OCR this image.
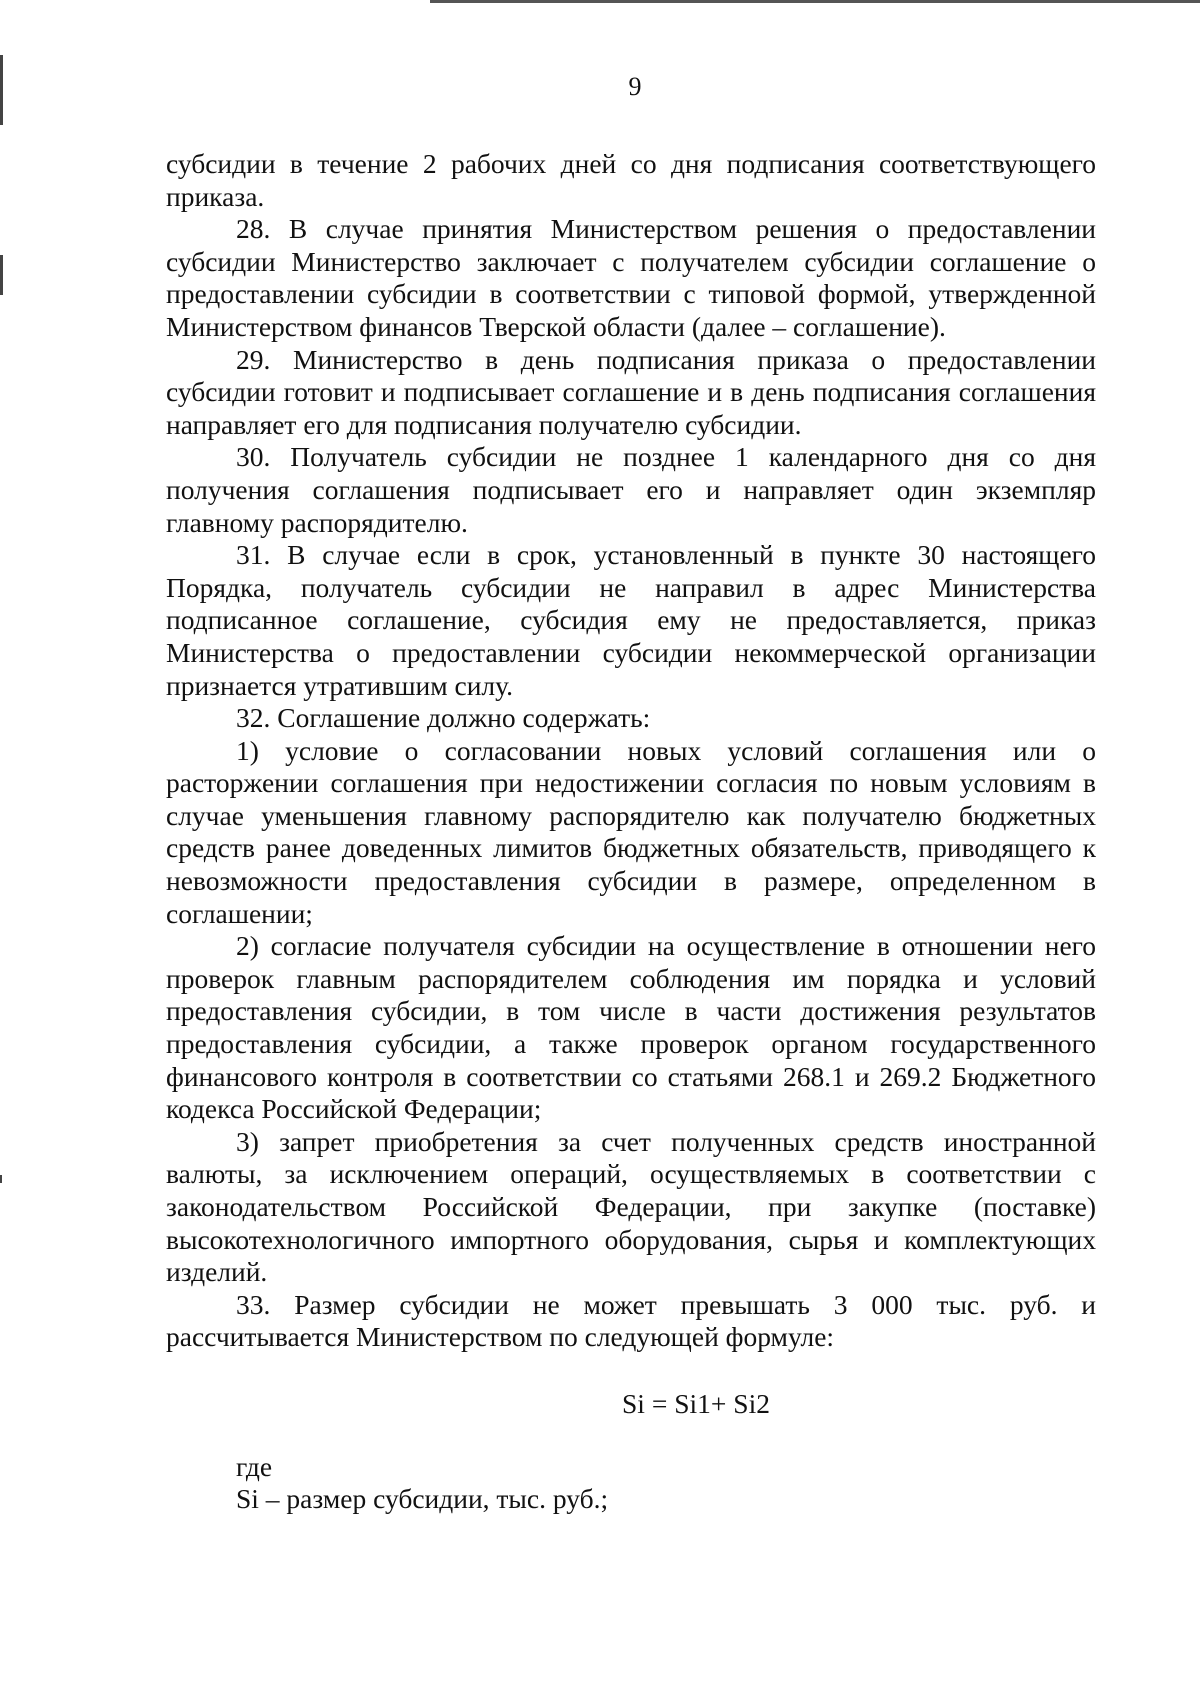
9

субсидии в течение 2 рабочих дней со дня подписания соответствующего приказа.

28. В случае принятия Министерством решения о предоставлении субсидии Министерство заключает с получателем субсидии соглашение о предоставлении субсидии в соответствии с типовой формой, утвержденной Министерством финансов Тверской области (далее – соглашение).

29. Министерство в день подписания приказа о предоставлении субсидии готовит и подписывает соглашение и в день подписания соглашения направляет его для подписания получателю субсидии.

30. Получатель субсидии не позднее 1 календарного дня со дня получения соглашения подписывает его и направляет один экземпляр главному распорядителю.

31. В случае если в срок, установленный в пункте 30 настоящего Порядка, получатель субсидии не направил в адрес Министерства подписанное соглашение, субсидия ему не предоставляется, приказ Министерства о предоставлении субсидии некоммерческой организации признается утратившим силу.

32. Соглашение должно содержать:

1) условие о согласовании новых условий соглашения или о расторжении соглашения при недостижении согласия по новым условиям в случае уменьшения главному распорядителю как получателю бюджетных средств ранее доведенных лимитов бюджетных обязательств, приводящего к невозможности предоставления субсидии в размере, определенном в соглашении;

2) согласие получателя субсидии на осуществление в отношении него проверок главным распорядителем соблюдения им порядка и условий предоставления субсидии, в том числе в части достижения результатов предоставления субсидии, а также проверок органом государственного финансового контроля в соответствии со статьями 268.1 и 269.2 Бюджетного кодекса Российской Федерации;

3) запрет приобретения за счет полученных средств иностранной валюты, за исключением операций, осуществляемых в соответствии с законодательством Российской Федерации, при закупке (поставке) высокотехнологичного импортного оборудования, сырья и комплектующих изделий.

33. Размер субсидии не может превышать 3 000 тыс. руб. и рассчитывается Министерством по следующей формуле:

Si = Si1+ Si2

где

Si – размер субсидии, тыс. руб.;
